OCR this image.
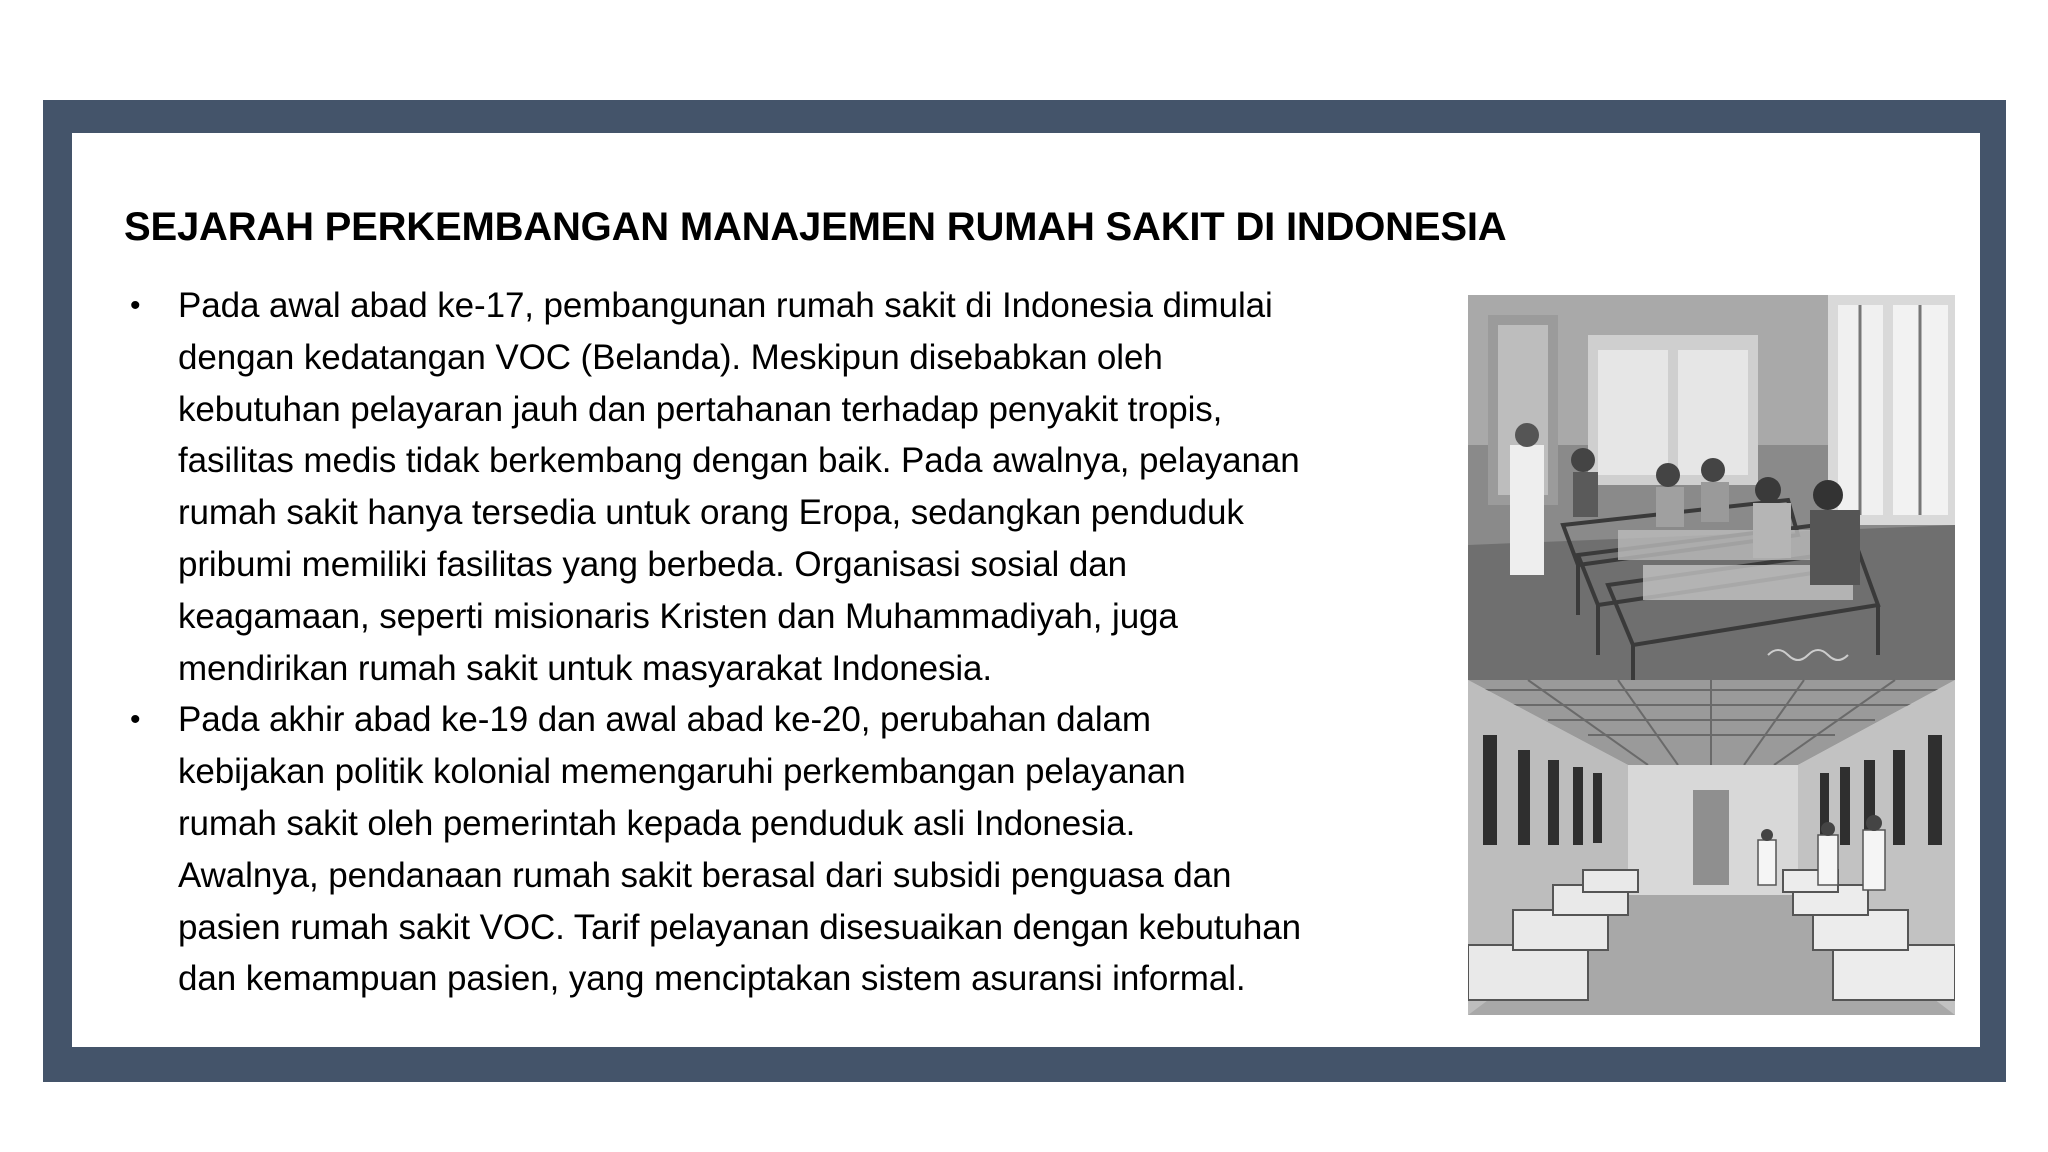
SEJARAH PERKEMBANGAN MANAJEMEN RUMAH SAKIT DI INDONESIA
• Pada awal abad ke-17, pembangunan rumah sakit di Indonesia dimulai
dengan kedatangan VOC (Belanda). Meskipun disebabkan oleh
kebutuhan pelayaran jauh dan pertahanan terhadap penyakit tropis,
fasilitas medis tidak berkembang dengan baik. Pada awalnya, pelayanan
rumah sakit hanya tersedia untuk orang Eropa, sedangkan penduduk
pribumi memiliki fasilitas yang berbeda. Organisasi sosial dan
keagamaan, seperti misionaris Kristen dan Muhammadiyah, juga
mendirikan rumah sakit untuk masyarakat Indonesia.
• Pada akhir abad ke-19 dan awal abad ke-20, perubahan dalam
kebijakan politik kolonial memengaruhi perkembangan pelayanan
rumah sakit oleh pemerintah kepada penduduk asli Indonesia.
Awalnya, pendanaan rumah sakit berasal dari subsidi penguasa dan
pasien rumah sakit VOC. Tarif pelayanan disesuaikan dengan kebutuhan
dan kemampuan pasien, yang menciptakan sistem asuransi informal.
